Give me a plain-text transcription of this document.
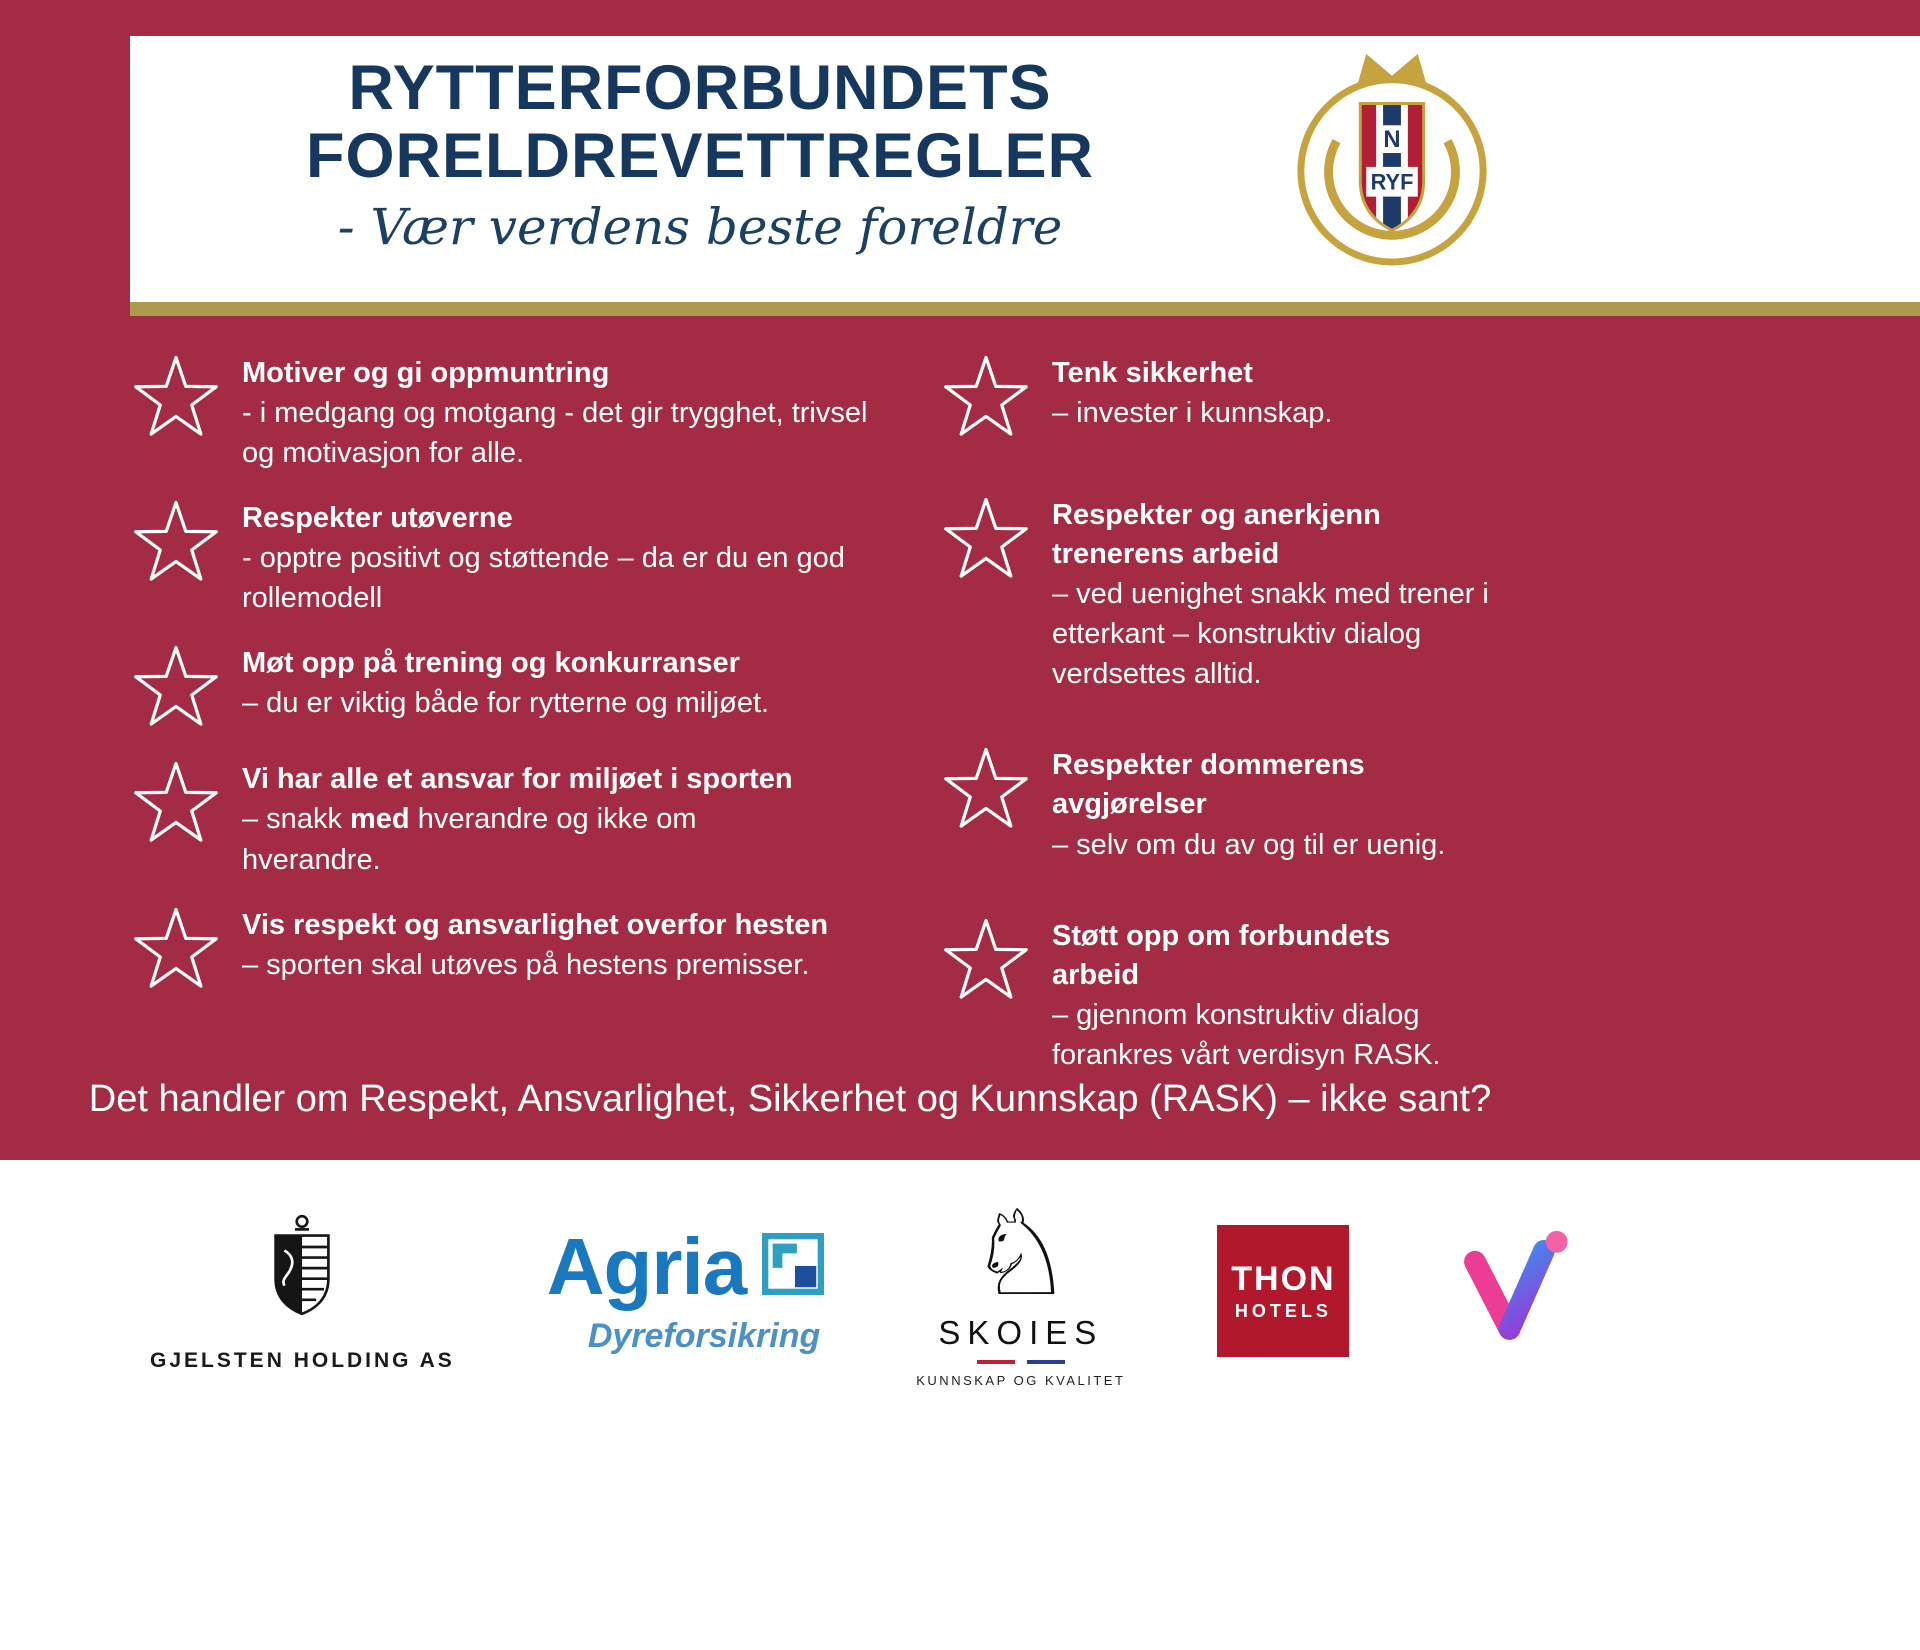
RYTTERFORBUNDETS
FORELDREVETTREGLER
- Vær verdens beste foreldre
N
RYF

Motiver og gi oppmuntring

- i medgang og motgang - det gir trygghet, trivsel og motivasjon for alle.

Respekter utøverne

- opptre positivt og støttende – da er du en god rollemodell

Møt opp på trening og konkurranser

– du er viktig både for rytterne og miljøet.

Vi har alle et ansvar for miljøet i sporten

– snakk med hverandre og ikke om hverandre.

Vis respekt og ansvarlighet overfor hesten

– sporten skal utøves på hestens premisser.

Tenk sikkerhet

– invester i kunnskap.

Respekter og anerkjenn trenerens arbeid

– ved uenighet snakk med trener i etterkant – konstruktiv dialog verdsettes alltid.

Respekter dommerens avgjørelser

– selv om du av og til er uenig.

Støtt opp om forbundets arbeid

– gjennom konstruktiv dialog forankres vårt verdisyn RASK.

Det handler om Respekt, Ansvarlighet, Sikkerhet og Kunnskap (RASK) – ikke sant?
GJELSTEN HOLDING AS
Agria
Dyreforsikring
♘
SKOIES
KUNNSKAP OG KVALITET
THON
HOTELS
